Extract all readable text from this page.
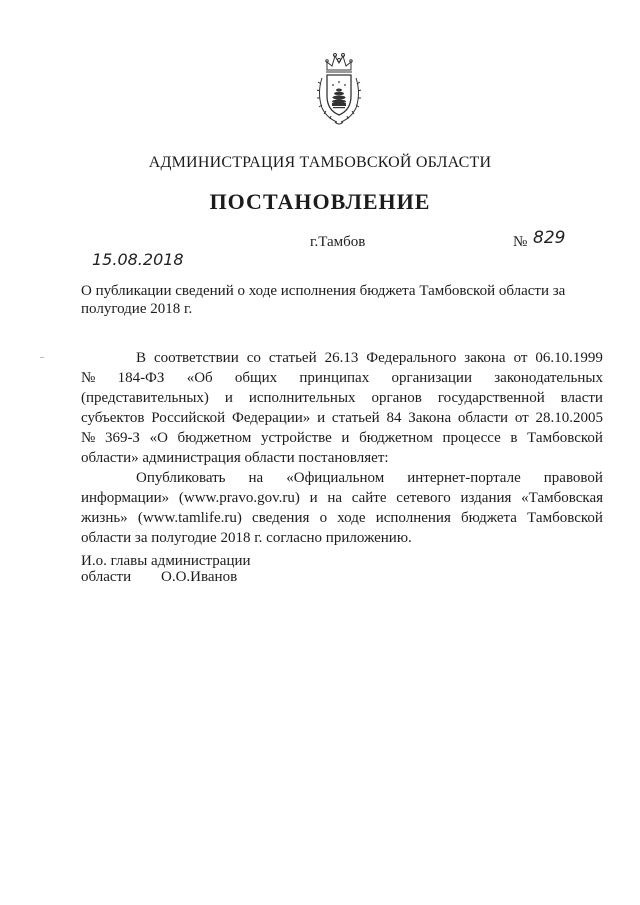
АДМИНИСТРАЦИЯ ТАМБОВСКОЙ ОБЛАСТИ
ПОСТАНОВЛЕНИЕ
15.08.2018
г.Тамбов	№ 829
О публикации сведений о ходе исполнения бюджета Тамбовской области за полугодие 2018 г.
В соответствии со статьей 26.13 Федерального закона от 06.10.1999
№ 184-ФЗ «Об общих принципах организации законодательных
(представительных) и исполнительных органов государственной власти
субъектов Российской Федерации» и статьей 84 Закона области от 28.10.2005
№ 369-З «О бюджетном устройстве и бюджетном процессе в Тамбовской
области» администрация области постановляет:
Опубликовать на «Официальном интернет-портале правовой
информации» (www.pravo.gov.ru) и на сайте сетевого издания «Тамбовская
жизнь» (www.tamlife.ru) сведения о ходе исполнения бюджета Тамбовской
области за полугодие 2018 г. согласно приложению.
И.о. главы администрации
области О.О.Иванов
